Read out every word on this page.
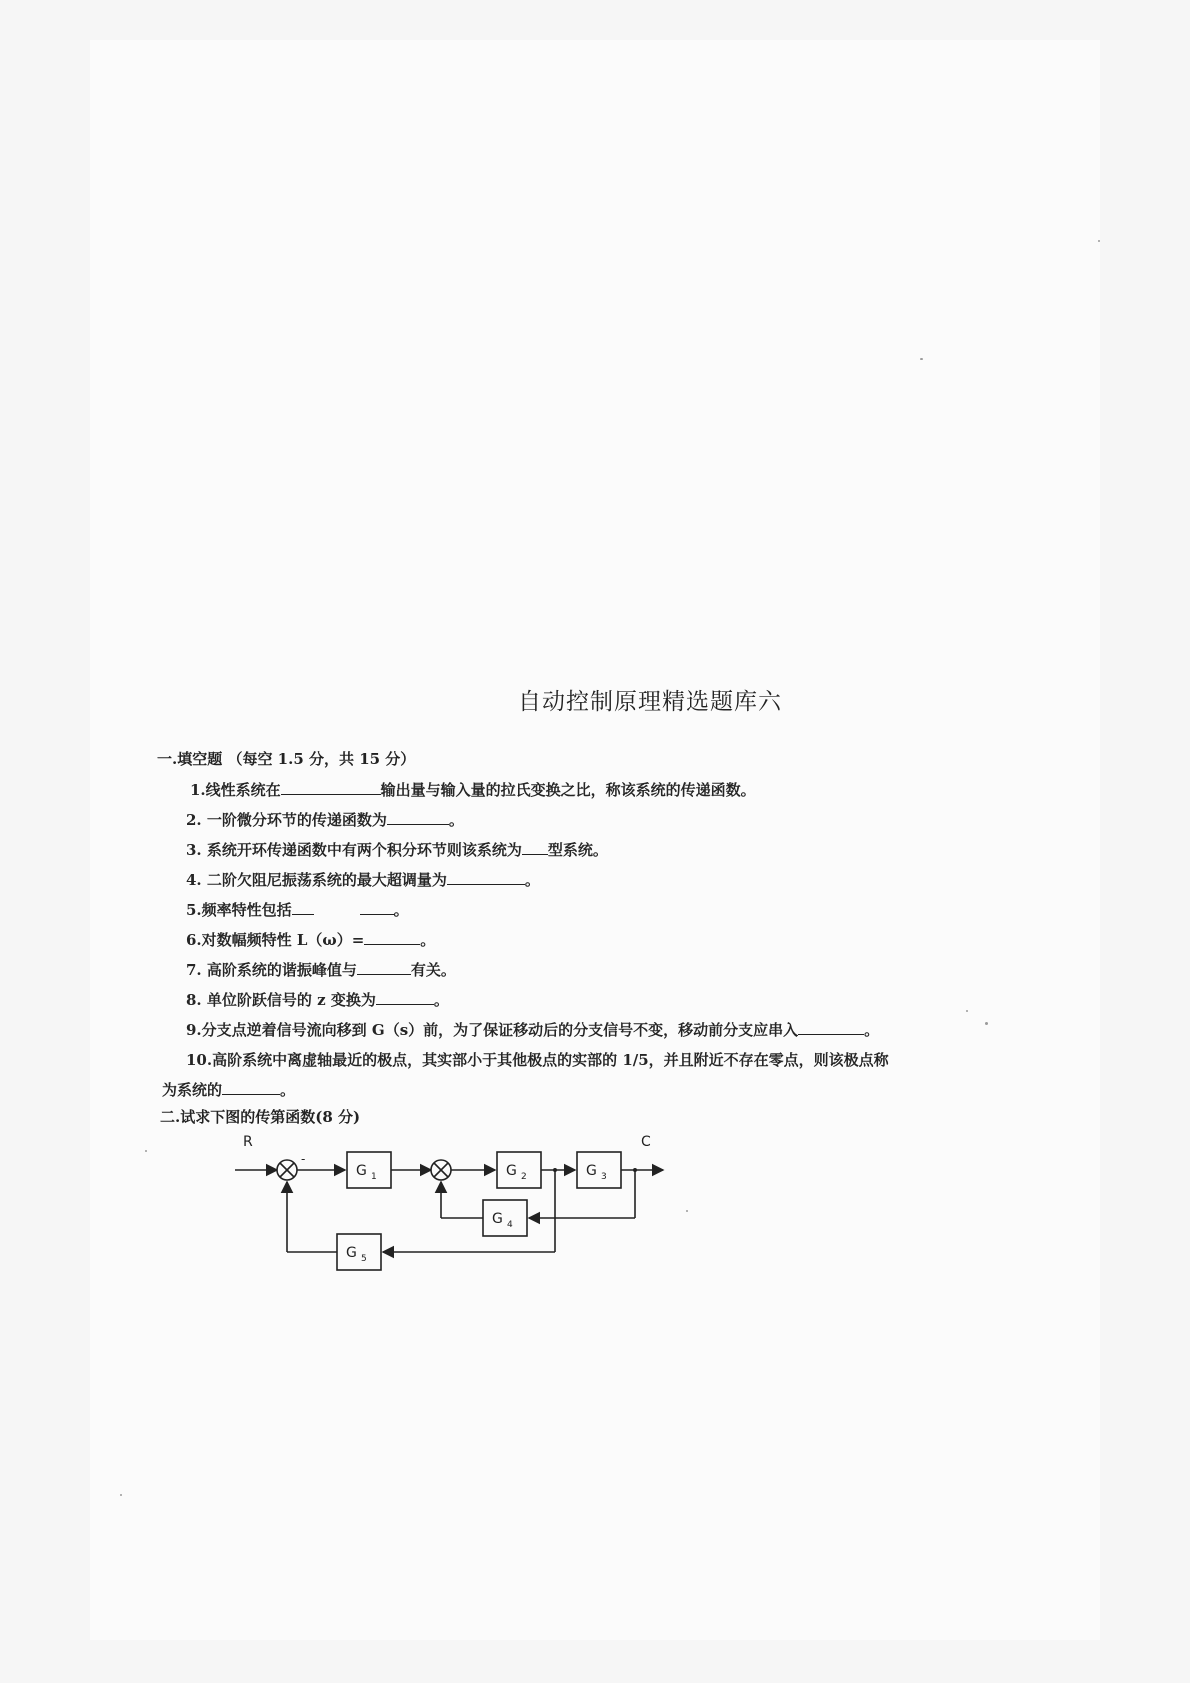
自动控制原理精选题库六
一.填空题 （每空 1.5 分，共 15 分）
1.线性系统在	输出量与输入量的拉氏变换之比，称该系统的传递函数。
2. 一阶微分环节的传递函数为	。
3. 系统开环传递函数中有两个积分环节则该系统为 型系统。
4. 二阶欠阻尼振荡系统的最大超调量为	。
5.频率特性包括	。
6.对数幅频特性 L（ω）=	。
7. 高阶系统的谐振峰值与	有关。
8. 单位阶跃信号的 z 变换为	。
9.分支点逆着信号流向移到 G（s）前，为了保证移动后的分支信号不变，移动前分支应串入	。
10.高阶系统中离虚轴最近的极点，其实部小于其他极点的实部的 1/5，并且附近不存在零点，则该极点称
为系统的	。
二.试求下图的传第函数(8 分)
R	C
-
G 1	G 2	G 3
G 4
G 5
